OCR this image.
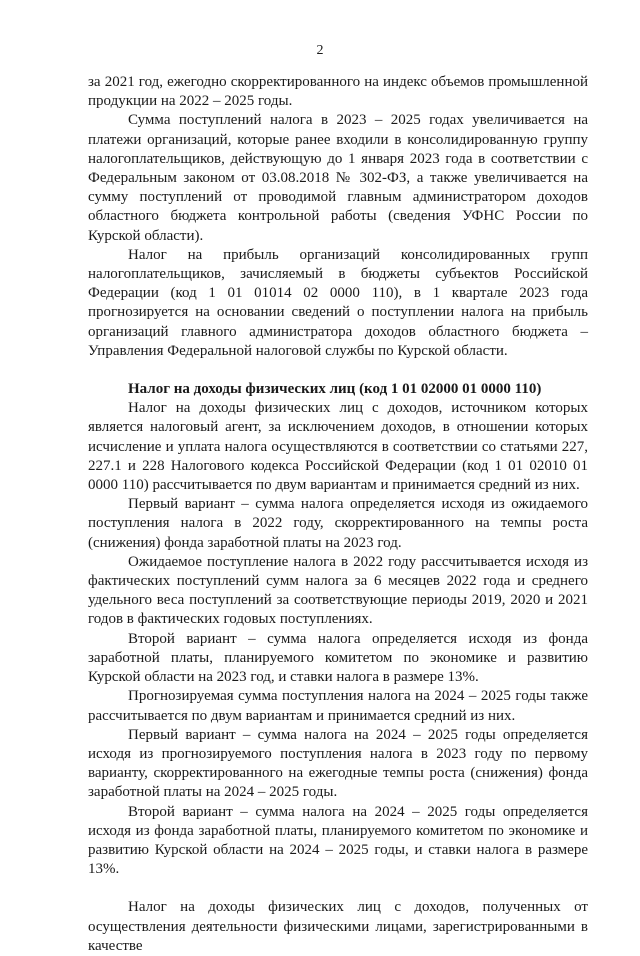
2

за 2021 год, ежегодно скорректированного на индекс объемов промышленной продукции на 2022 – 2025 годы.

Сумма поступлений налога в 2023 – 2025 годах увеличивается на платежи организаций, которые ранее входили в консолидированную группу налогоплательщиков, действующую до 1 января 2023 года в соответствии с Федеральным законом от 03.08.2018 № 302-ФЗ, а также увеличивается на сумму поступлений от проводимой главным администратором доходов областного бюджета контрольной работы (сведения УФНС России по Курской области).

Налог на прибыль организаций консолидированных групп налогоплательщиков, зачисляемый в бюджеты субъектов Российской Федерации (код 1 01 01014 02 0000 110), в 1 квартале 2023 года прогнозируется на основании сведений о поступлении налога на прибыль организаций главного администратора доходов областного бюджета – Управления Федеральной налоговой службы по Курской области.

Налог на доходы физических лиц (код 1 01 02000 01 0000 110)

Налог на доходы физических лиц с доходов, источником которых является налоговый агент, за исключением доходов, в отношении которых исчисление и уплата налога осуществляются в соответствии со статьями 227, 227.1 и 228 Налогового кодекса Российской Федерации (код 1 01 02010 01 0000 110) рассчитывается по двум вариантам и принимается средний из них.

Первый вариант – сумма налога определяется исходя из ожидаемого поступления налога в 2022 году, скорректированного на темпы роста (снижения) фонда заработной платы на 2023 год.

Ожидаемое поступление налога в 2022 году рассчитывается исходя из фактических поступлений сумм налога за 6 месяцев 2022 года и среднего удельного веса поступлений за соответствующие периоды 2019, 2020 и 2021 годов в фактических годовых поступлениях.

Второй вариант – сумма налога определяется исходя из фонда заработной платы, планируемого комитетом по экономике и развитию Курской области на 2023 год, и ставки налога в размере 13%.

Прогнозируемая сумма поступления налога на 2024 – 2025 годы также рассчитывается по двум вариантам и принимается средний из них.

Первый вариант – сумма налога на 2024 – 2025 годы определяется исходя из прогнозируемого поступления налога в 2023 году по первому варианту, скорректированного на ежегодные темпы роста (снижения) фонда заработной платы на 2024 – 2025 годы.

Второй вариант – сумма налога на 2024 – 2025 годы определяется исходя из фонда заработной платы, планируемого комитетом по экономике и развитию Курской области на 2024 – 2025 годы, и ставки налога в размере 13%.

Налог на доходы физических лиц с доходов, полученных от осуществления деятельности физическими лицами, зарегистрированными в качестве
